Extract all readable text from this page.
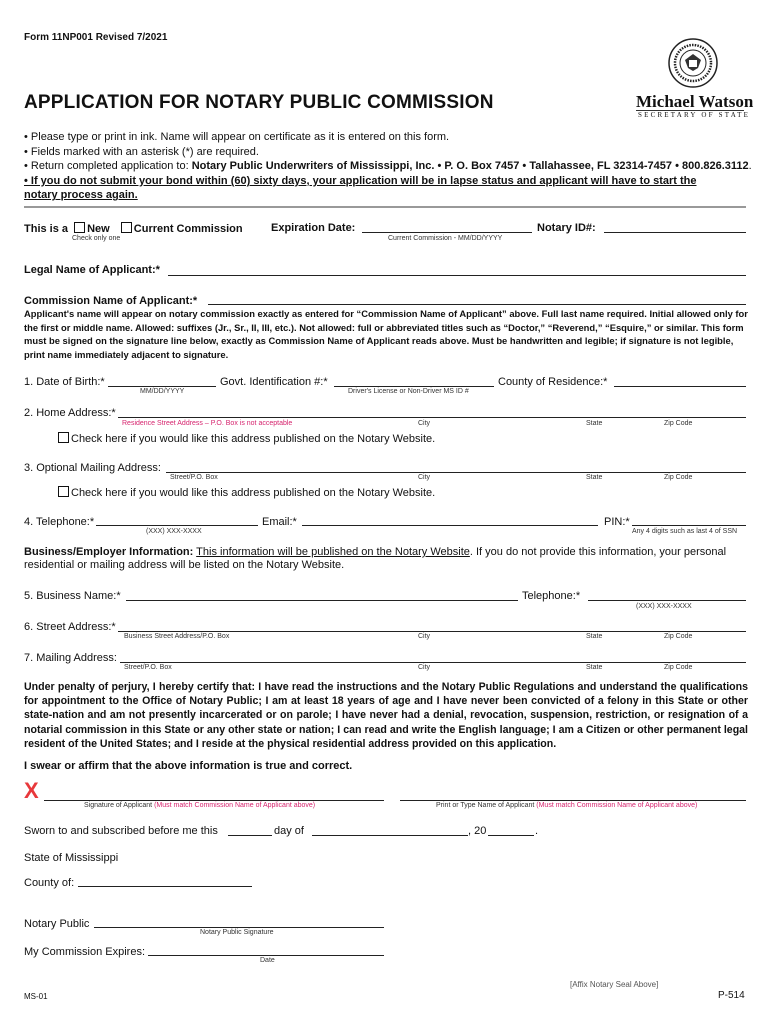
Form 11NP001 Revised 7/2021
APPLICATION FOR NOTARY PUBLIC COMMISSION	Michael Watson
SECRETARY OF STATE
• Please type or print in ink. Name will appear on certificate as it is entered on this form.
• Fields marked with an asterisk (*) are required.
• Return completed application to: Notary Public Underwriters of Mississippi, Inc. • P. O. Box 7457 • Tallahassee, FL 32314-7457 • 800.826.3112.
• If you do not submit your bond within (60) sixty days, your application will be in lapse status and applicant will have to start the notary process again.
This is a New Current Commission
Check only one
Expiration Date:
Current Commission - MM/DD/YYYY
Notary ID#:
Legal Name of Applicant:*
Commission Name of Applicant:*
Applicant's name will appear on notary commission exactly as entered for “Commission Name of Applicant” above. Full last name required. Initial allowed only for the first or middle name. Allowed: suffixes (Jr., Sr., II, III, etc.). Not allowed: full or abbreviated titles such as “Doctor,” “Reverend,” “Esquire,” or similar. This form must be signed on the signature line below, exactly as Commission Name of Applicant reads above. Must be handwritten and legible; if signature is not legible, print name immediately adjacent to signature.
1. Date of Birth:*
MM/DD/YYYY
Govt. Identification #:*
Driver's License or Non-Driver MS ID #
County of Residence:*
2. Home Address:*
Residence Street Address – P.O. Box is not acceptable	City	State	Zip Code
Check here if you would like this address published on the Notary Website.
3. Optional Mailing Address:
Street/P.O. Box	City	State	Zip Code
Check here if you would like this address published on the Notary Website.
4. Telephone:*
(XXX) XXX-XXXX
Email:*	PIN:*
Any 4 digits such as last 4 of SSN
Business/Employer Information: This information will be published on the Notary Website. If you do not provide this information, your personal residential or mailing address will be listed on the Notary Website.
5. Business Name:*	Telephone:*
(XXX) XXX-XXXX
6. Street Address:*
Business Street Address/P.O. Box	City	State	Zip Code
7. Mailing Address:
Street/P.O. Box	City	State	Zip Code
Under penalty of perjury, I hereby certify that: I have read the instructions and the Notary Public Regulations and understand the qualifications for appointment to the Office of Notary Public; I am at least 18 years of age and I have never been convicted of a felony in this State or other state-nation and am not presently incarcerated or on parole; I have never had a denial, revocation, suspension, restriction, or resignation of a notarial commission in this State or any other state or nation; I can read and write the English language; I am a Citizen or other permanent legal resident of the United States; and I reside at the physical residential address provided on this application.
I swear or affirm that the above information is true and correct.
X
Signature of Applicant (Must match Commission Name of Applicant above)	Print or Type Name of Applicant (Must match Commission Name of Applicant above)
Sworn to and subscribed before me this	day of	, 20	.
State of Mississippi
County of:
Notary Public
Notary Public Signature
My Commission Expires:
Date
[Affix Notary Seal Above]
MS-01	P-514
